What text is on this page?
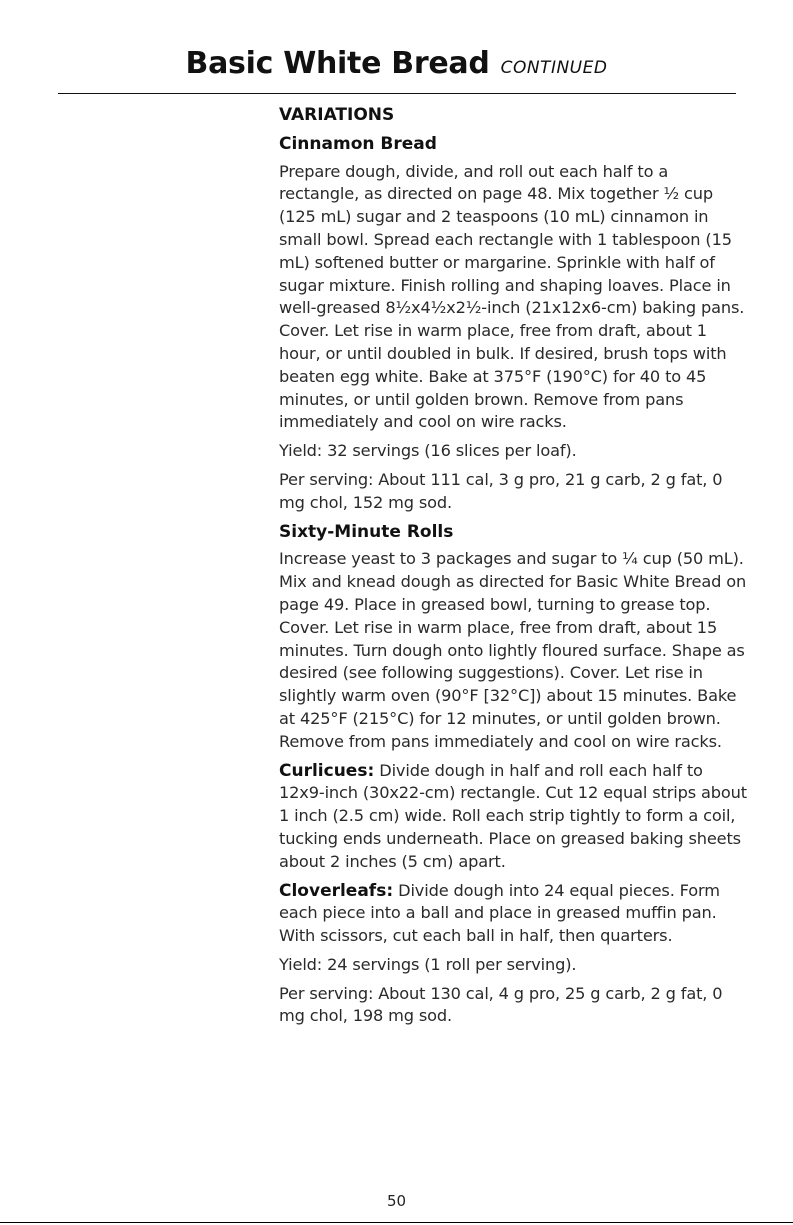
Basic White Bread CONTINUED
VARIATIONS
Cinnamon Bread

Prepare dough, divide, and roll out each half to a rectangle, as directed on page 48. Mix together ½ cup (125 mL) sugar and 2 teaspoons (10 mL) cinnamon in small bowl. Spread each rectangle with 1 tablespoon (15 mL) softened butter or margarine. Sprinkle with half of sugar mixture. Finish rolling and shaping loaves. Place in well-greased 8½x4½x2½-inch (21x12x6-cm) baking pans. Cover. Let rise in warm place, free from draft, about 1 hour, or until doubled in bulk. If desired, brush tops with beaten egg white. Bake at 375°F (190°C) for 40 to 45 minutes, or until golden brown. Remove from pans immediately and cool on wire racks.

Yield: 32 servings (16 slices per loaf).

Per serving: About 111 cal, 3 g pro, 21 g carb, 2 g fat, 0 mg chol, 152 mg sod.

Sixty-Minute Rolls

Increase yeast to 3 packages and sugar to ¼ cup (50 mL). Mix and knead dough as directed for Basic White Bread on page 49. Place in greased bowl, turning to grease top. Cover. Let rise in warm place, free from draft, about 15 minutes. Turn dough onto lightly floured surface. Shape as desired (see following suggestions). Cover. Let rise in slightly warm oven (90°F [32°C]) about 15 minutes. Bake at 425°F (215°C) for 12 minutes, or until golden brown. Remove from pans immediately and cool on wire racks.

Curlicues: Divide dough in half and roll each half to 12x9-inch (30x22-cm) rectangle. Cut 12 equal strips about 1 inch (2.5 cm) wide. Roll each strip tightly to form a coil, tucking ends underneath. Place on greased baking sheets about 2 inches (5 cm) apart.

Cloverleafs: Divide dough into 24 equal pieces. Form each piece into a ball and place in greased muffin pan. With scissors, cut each ball in half, then quarters.

Yield: 24 servings (1 roll per serving).

Per serving: About 130 cal, 4 g pro, 25 g carb, 2 g fat, 0 mg chol, 198 mg sod.

50
